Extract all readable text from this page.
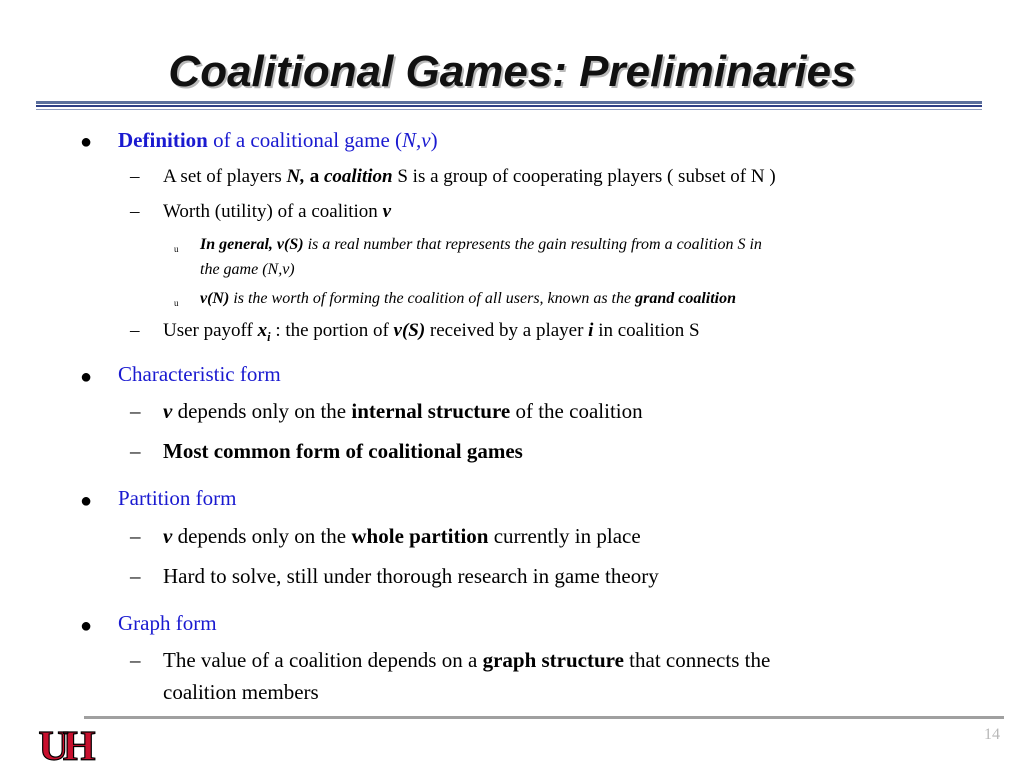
Coalitional Games: Preliminaries
● Definition of a coalitional game (N,v)
– A set of players N, a coalition S is a group of cooperating players ( subset of N )
– Worth (utility) of a coalition v
u In general, v(S) is a real number that represents the gain resulting from a coalition S in
the game (N,v)
u v(N) is the worth of forming the coalition of all users, known as the grand coalition
– User payoff $x_i$ : the portion of v(S) received by a player i in coalition S
● Characteristic form
– v depends only on the internal structure of the coalition
– Most common form of coalitional games
● Partition form
– v depends only on the whole partition currently in place
– Hard to solve, still under thorough research in game theory
● Graph form
– The value of a coalition depends on a graph structure that connects the
coalition members
UH	14
